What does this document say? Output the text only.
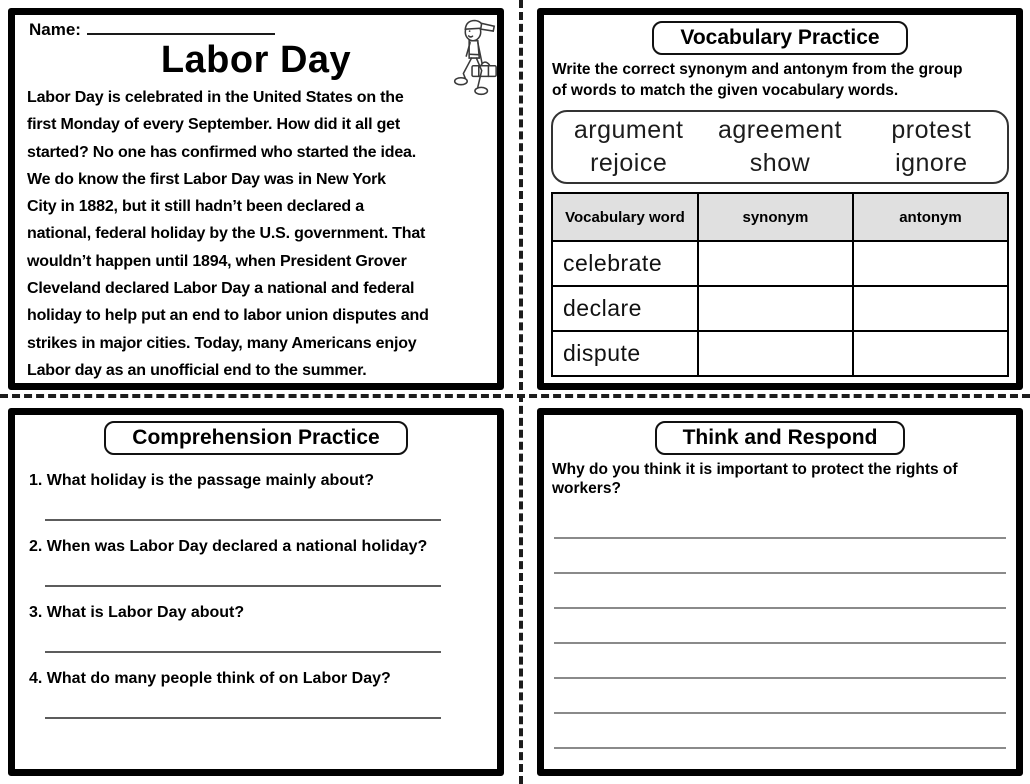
Name:
Labor Day
Labor Day is celebrated in the United States on the
first Monday of every September. How did it all get
started? No one has confirmed who started the idea.
We do know the first Labor Day was in New York
City in 1882, but it still hadn’t been declared a
national, federal holiday by the U.S. government. That
wouldn’t happen until 1894, when President Grover
Cleveland declared Labor Day a national and federal
holiday to help put an end to labor union disputes and
strikes in major cities. Today, many Americans enjoy
Labor day as an unofficial end to the summer.
Vocabulary Practice
Write the correct synonym and antonym from the group
of words to match the given vocabulary words.
argument agreement protest
rejoice	show	ignore
Vocabulary word	synonym	antonym
celebrate		
declare		
dispute		
Comprehension Practice

1. What holiday is the passage mainly about?

2. When was Labor Day declared a national holiday?

3. What is Labor Day about?

4. What do many people think of on Labor Day?

Think and Respond
Why do you think it is important to protect the rights of
workers?
